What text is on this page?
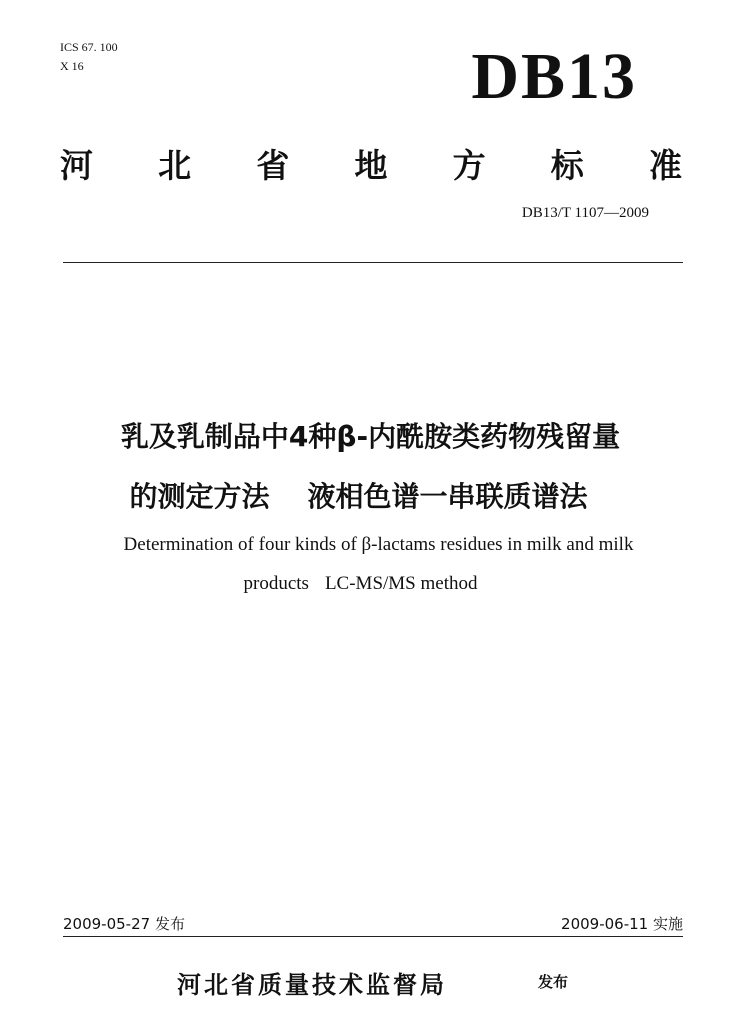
ICS 67. 100
X 16	DB13
河 北 省 地 方 标 准
DB13/T 1107—2009
乳及乳制品中4种β-内酰胺类药物残留量
的测定方法 液相色谱一串联质谱法
Determination of four kinds of β-lactams residues in milk and milk
products LC-MS/MS method
2009-05-27 发布	2009-06-11 实施
河北省质量技术监督局	发布
